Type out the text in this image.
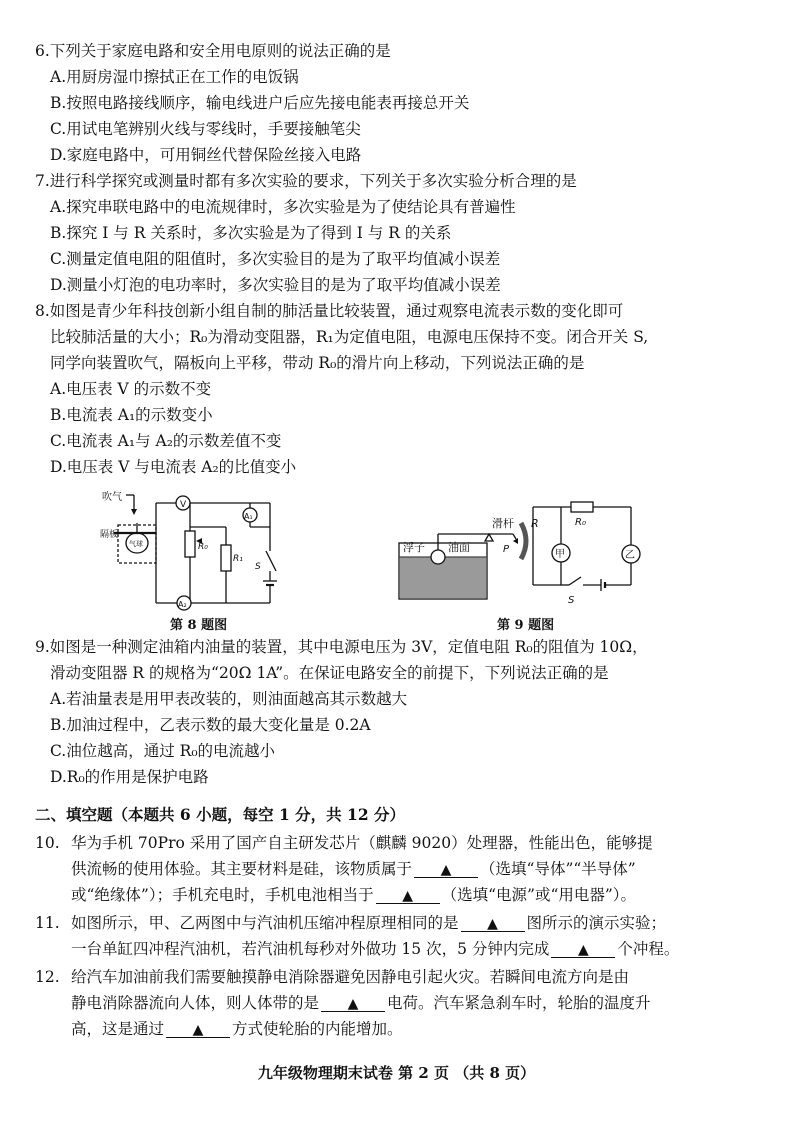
6.下列关于家庭电路和安全用电原则的说法正确的是
A.用厨房湿巾擦拭正在工作的电饭锅
B.按照电路接线顺序，输电线进户后应先接电能表再接总开关
C.用试电笔辨别火线与零线时，手要接触笔尖
D.家庭电路中，可用铜丝代替保险丝接入电路
7.进行科学探究或测量时都有多次实验的要求，下列关于多次实验分析合理的是
A.探究串联电路中的电流规律时，多次实验是为了使结论具有普遍性
B.探究 I 与 R 关系时，多次实验是为了得到 I 与 R 的关系
C.测量定值电阻的阻值时，多次实验目的是为了取平均值减小误差
D.测量小灯泡的电功率时，多次实验目的是为了取平均值减小误差
8.如图是青少年科技创新小组自制的肺活量比较装置，通过观察电流表示数的变化即可
比较肺活量的大小；R₀为滑动变阻器，R₁为定值电阻，电源电压保持不变。闭合开关 S,
同学向装置吹气，隔板向上平移，带动 R₀的滑片向上移动，下列说法正确的是
A.电压表 V 的示数不变
B.电流表 A₁的示数变小
C.电流表 A₁与 A₂的示数差值不变
D.电压表 V 与电流表 A₂的比值变小
吹气
隔板
气球
V
A₂
R₀
R₁
A₁
S
第 8 题图
浮子 油面
滑杆
P
R	R₀
乙
甲
S
第 9 题图
9.如图是一种测定油箱内油量的装置，其中电源电压为 3V，定值电阻 R₀的阻值为 10Ω，
滑动变阻器 R 的规格为“20Ω 1A”。在保证电路安全的前提下，下列说法正确的是
A.若油量表是用甲表改装的，则油面越高其示数越大
B.加油过程中，乙表示数的最大变化量是 0.2A
C.油位越高，通过 R₀的电流越小
D.R₀的作用是保护电路
二、填空题（本题共 6 小题，每空 1 分，共 12 分）
10. 华为手机 70Pro 采用了国产自主研发芯片（麒麟 9020）处理器，性能出色，能够提
供流畅的使用体验。其主要材料是硅，该物质属于 ▲ （选填“导体”“半导体”
或“绝缘体”）；手机充电时，手机电池相当于 ▲ （选填“电源”或“用电器”）。
11. 如图所示，甲、乙两图中与汽油机压缩冲程原理相同的是 ▲ 图所示的演示实验；
一台单缸四冲程汽油机，若汽油机每秒对外做功 15 次，5 分钟内完成 ▲ 个冲程。
12. 给汽车加油前我们需要触摸静电消除器避免因静电引起火灾。若瞬间电流方向是由
静电消除器流向人体，则人体带的是 ▲ 电荷。汽车紧急刹车时，轮胎的温度升
高，这是通过 ▲ 方式使轮胎的内能增加。
九年级物理期末试卷 第 2 页 （共 8 页）
